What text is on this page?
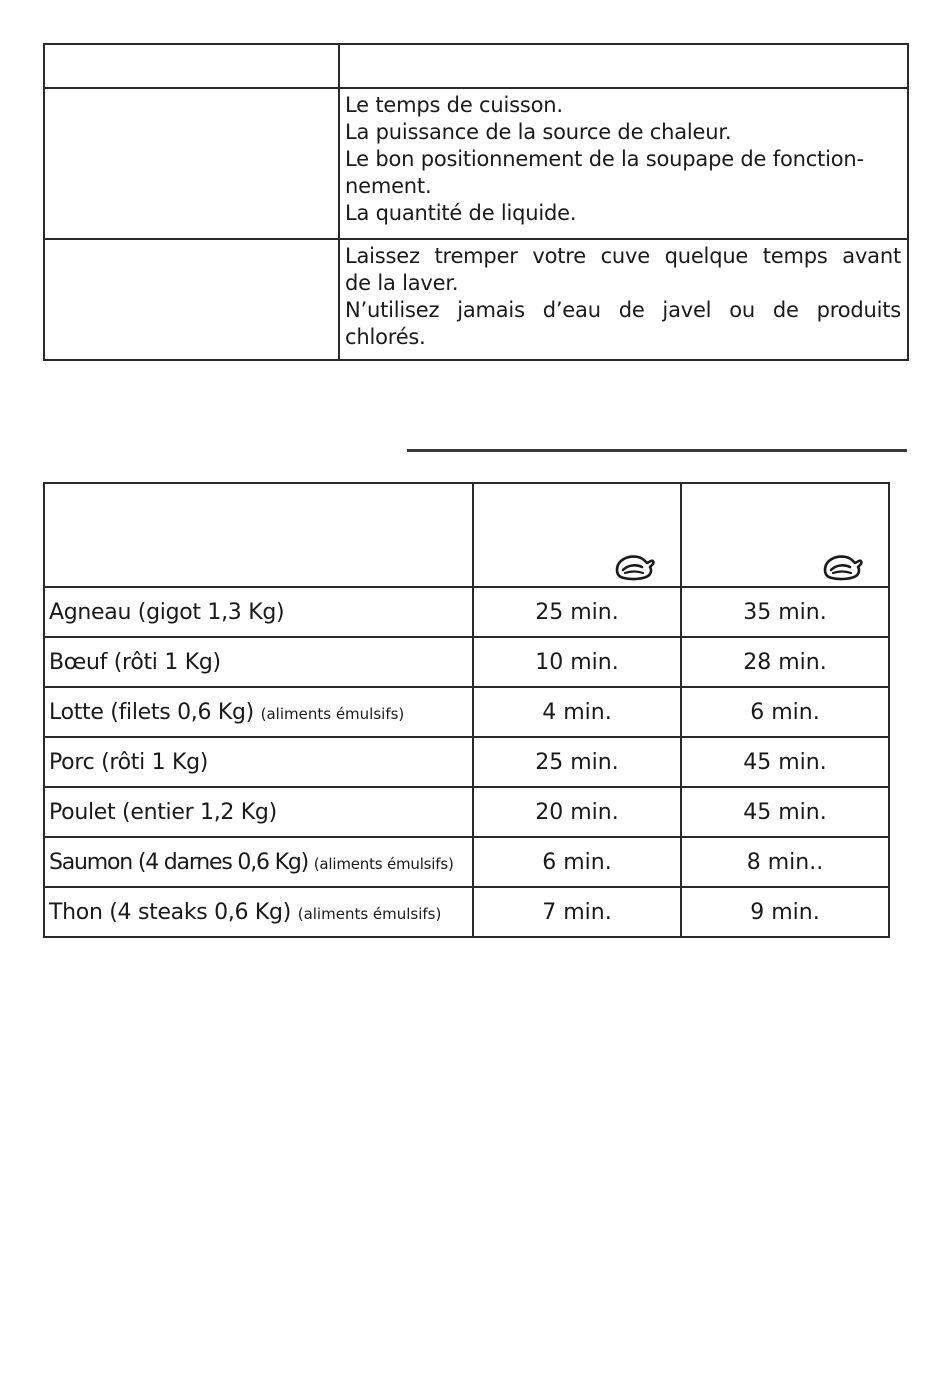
	Le temps de cuisson.
La puissance de la source de chaleur.
Le bon positionnement de la soupape de fonction-
nement.
La quantité de liquide.

	Laissez tremper votre cuve quelque temps avant
de la laver.
N’utilisez jamais d’eau de javel ou de produits
chlorés.

Agneau (gigot 1,3 Kg)	25 min.	35 min.
Bœuf (rôti 1 Kg)	10 min.	28 min.
Lotte (filets 0,6 Kg) (aliments émulsifs)	4 min.	6 min.
Porc (rôti 1 Kg)	25 min.	45 min.
Poulet (entier 1,2 Kg)	20 min.	45 min.
Saumon (4 darnes 0,6 Kg) (aliments émulsifs)	6 min.	8 min..
Thon (4 steaks 0,6 Kg) (aliments émulsifs)	7 min.	9 min.
